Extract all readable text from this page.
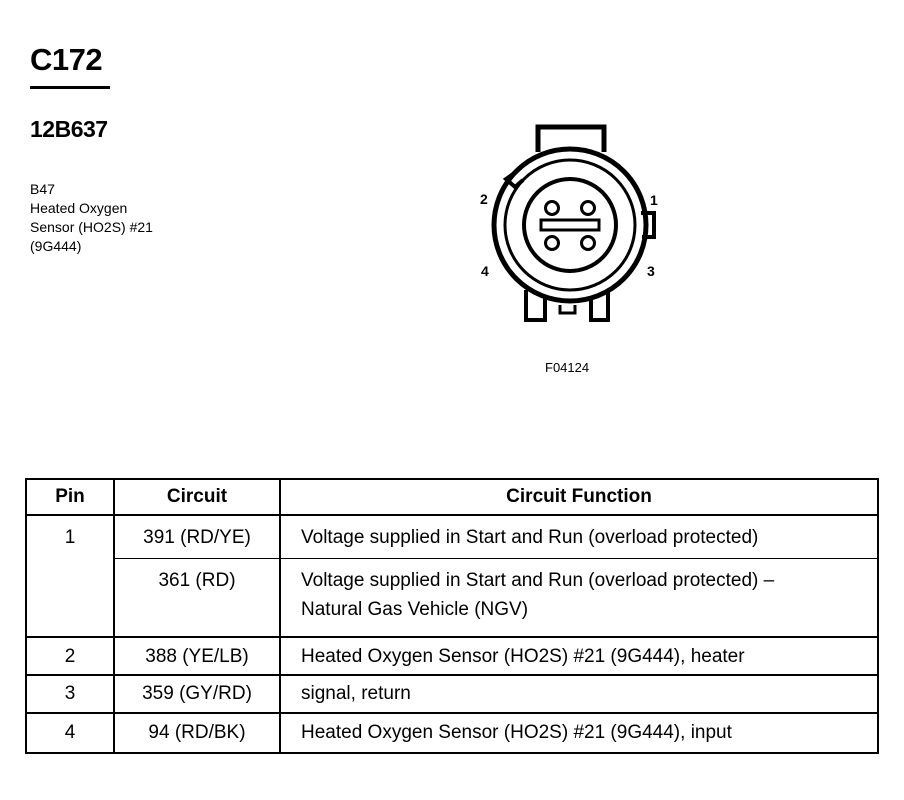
C172
12B637
B47
Heated Oxygen
Sensor (HO2S) #21
(9G444)
1
2
3
4
F04124
Pin	Circuit	Circuit Function

1	391 (RD/YE)	Voltage supplied in Start and Run (overload protected)

	361 (RD)	Voltage supplied in Start and Run (overload protected) –
Natural Gas Vehicle (NGV)

2	388 (YE/LB)	Heated Oxygen Sensor (HO2S) #21 (9G444), heater

3	359 (GY/RD)	signal, return

4	94 (RD/BK)	Heated Oxygen Sensor (HO2S) #21 (9G444), input
